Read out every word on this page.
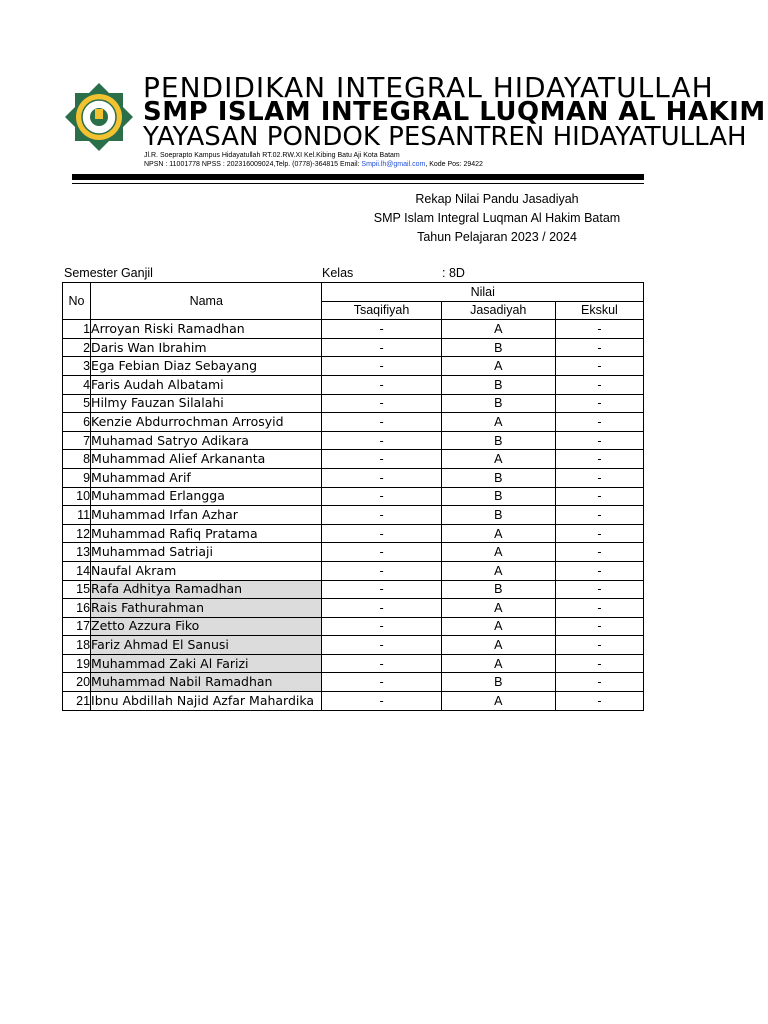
PENDIDIKAN INTEGRAL HIDAYATULLAH
SMP ISLAM INTEGRAL LUQMAN AL HAKIM
YAYASAN PONDOK PESANTREN HIDAYATULLAH
Jl.R. Soeprapto Kampus Hidayatullah RT.02.RW.XI Kel.Kibing Batu Aji Kota Batam
NPSN : 11001778 NPSS : 202316009024,Telp. (0778)-364815 Email: Smpii.lh@gmail.com, Kode Pos: 29422
Rekap Nilai Pandu Jasadiyah
SMP Islam Integral Luqman Al Hakim Batam
Tahun Pelajaran 2023 / 2024
Semester Ganjil	Kelas	: 8D
No	Nama	Nilai		
		Tsaqifiyah	Jasadiyah	Ekskul
1	Arroyan Riski Ramadhan	-	A	-
2	Daris Wan Ibrahim	-	B	-
3	Ega Febian Diaz Sebayang	-	A	-
4	Faris Audah Albatami	-	B	-
5	Hilmy Fauzan Silalahi	-	B	-
6	Kenzie Abdurrochman Arrosyid	-	A	-
7	Muhamad Satryo Adikara	-	B	-
8	Muhammad Alief Arkananta	-	A	-
9	Muhammad Arif	-	B	-
10	Muhammad Erlangga	-	B	-
11	Muhammad Irfan Azhar	-	B	-
12	Muhammad Rafiq Pratama	-	A	-
13	Muhammad Satriaji	-	A	-
14	Naufal Akram	-	A	-
15	Rafa Adhitya Ramadhan	-	B	-
16	Rais Fathurahman	-	A	-
17	Zetto Azzura Fiko	-	A	-
18	Fariz Ahmad El Sanusi	-	A	-
19	Muhammad Zaki Al Farizi	-	A	-
20	Muhammad Nabil Ramadhan	-	B	-
21	Ibnu Abdillah Najid Azfar Mahardika	-	A	-
